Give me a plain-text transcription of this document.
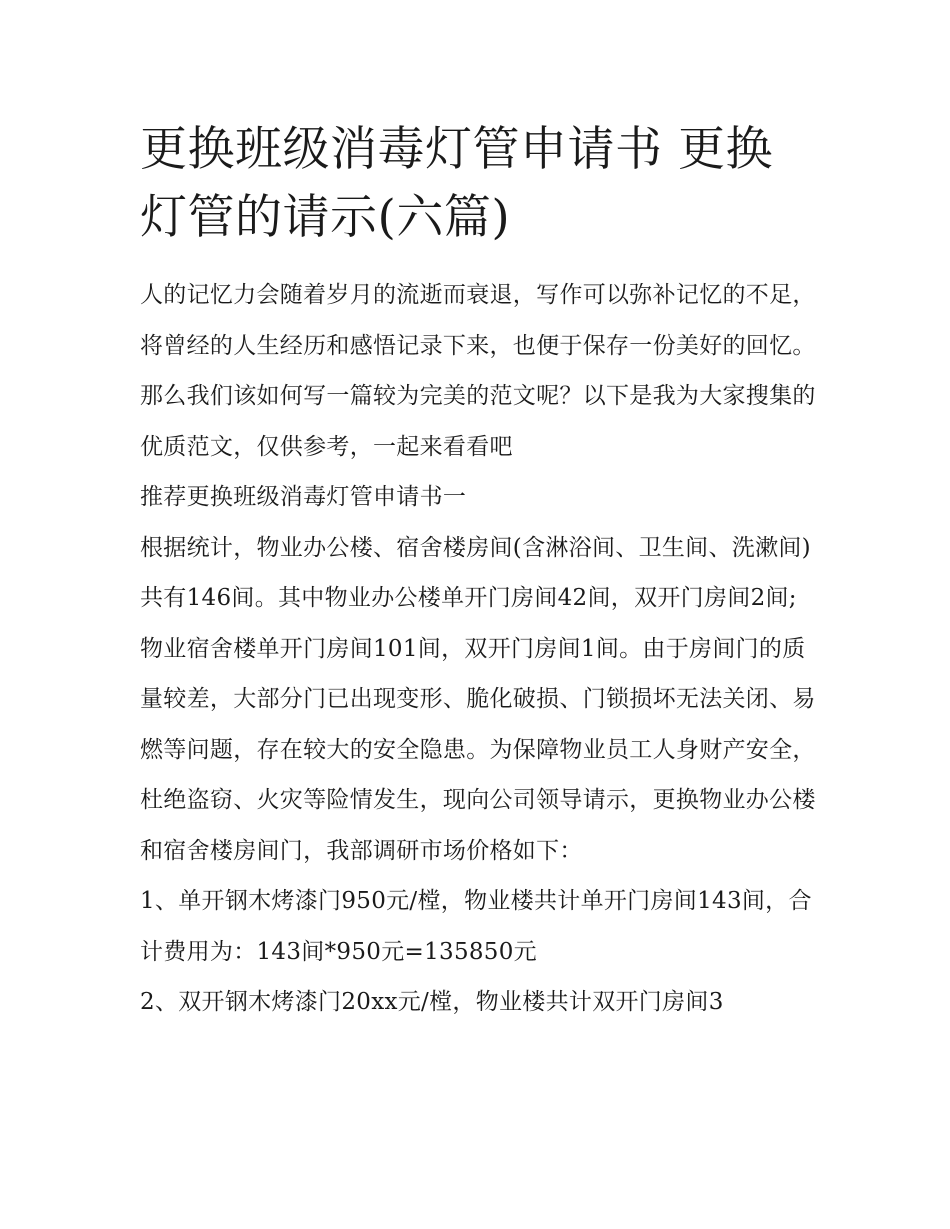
更换班级消毒灯管申请书 更换灯管的请示(六篇)

人的记忆力会随着岁月的流逝而衰退，写作可以弥补记忆的不足，将曾经的人生经历和感悟记录下来，也便于保存一份美好的回忆。那么我们该如何写一篇较为完美的范文呢？以下是我为大家搜集的优质范文，仅供参考，一起来看看吧

推荐更换班级消毒灯管申请书一

根据统计，物业办公楼、宿舍楼房间(含淋浴间、卫生间、洗漱间)共有146间。其中物业办公楼单开门房间42间，双开门房间2间;物业宿舍楼单开门房间101间，双开门房间1间。由于房间门的质量较差，大部分门已出现变形、脆化破损、门锁损坏无法关闭、易燃等问题，存在较大的安全隐患。为保障物业员工人身财产安全，杜绝盗窃、火灾等险情发生，现向公司领导请示，更换物业办公楼和宿舍楼房间门，我部调研市场价格如下：

1、单开钢木烤漆门950元/樘，物业楼共计单开门房间143间，合计费用为：143间*950元=135850元

2、双开钢木烤漆门20xx元/樘，物业楼共计双开门房间3
